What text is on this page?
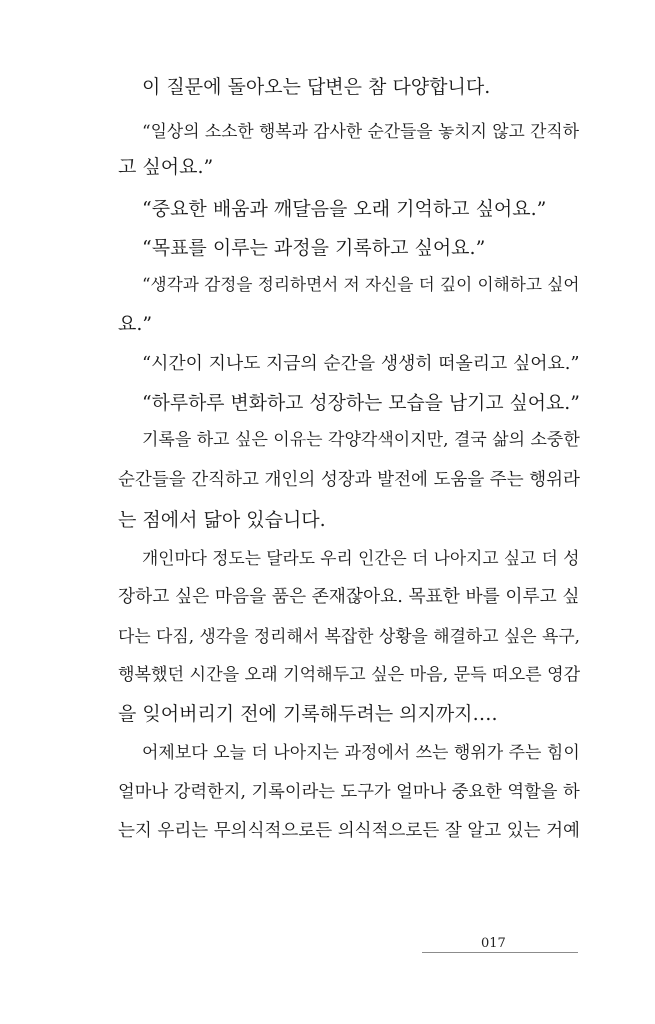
이 질문에 돌아오는 답변은 참 다양합니다.

“일상의 소소한 행복과 감사한 순간들을 놓치지 않고 간직하

고 싶어요.”

“중요한 배움과 깨달음을 오래 기억하고 싶어요.”

“목표를 이루는 과정을 기록하고 싶어요.”

“생각과 감정을 정리하면서 저 자신을 더 깊이 이해하고 싶어

요.”

“시간이 지나도 지금의 순간을 생생히 떠올리고 싶어요.”

“하루하루 변화하고 성장하는 모습을 남기고 싶어요.”

기록을 하고 싶은 이유는 각양각색이지만, 결국 삶의 소중한

순간들을 간직하고 개인의 성장과 발전에 도움을 주는 행위라

는 점에서 닮아 있습니다.

개인마다 정도는 달라도 우리 인간은 더 나아지고 싶고 더 성

장하고 싶은 마음을 품은 존재잖아요. 목표한 바를 이루고 싶

다는 다짐, 생각을 정리해서 복잡한 상황을 해결하고 싶은 욕구,

행복했던 시간을 오래 기억해두고 싶은 마음, 문득 떠오른 영감

을 잊어버리기 전에 기록해두려는 의지까지….

어제보다 오늘 더 나아지는 과정에서 쓰는 행위가 주는 힘이

얼마나 강력한지, 기록이라는 도구가 얼마나 중요한 역할을 하

는지 우리는 무의식적으로든 의식적으로든 잘 알고 있는 거예

017
